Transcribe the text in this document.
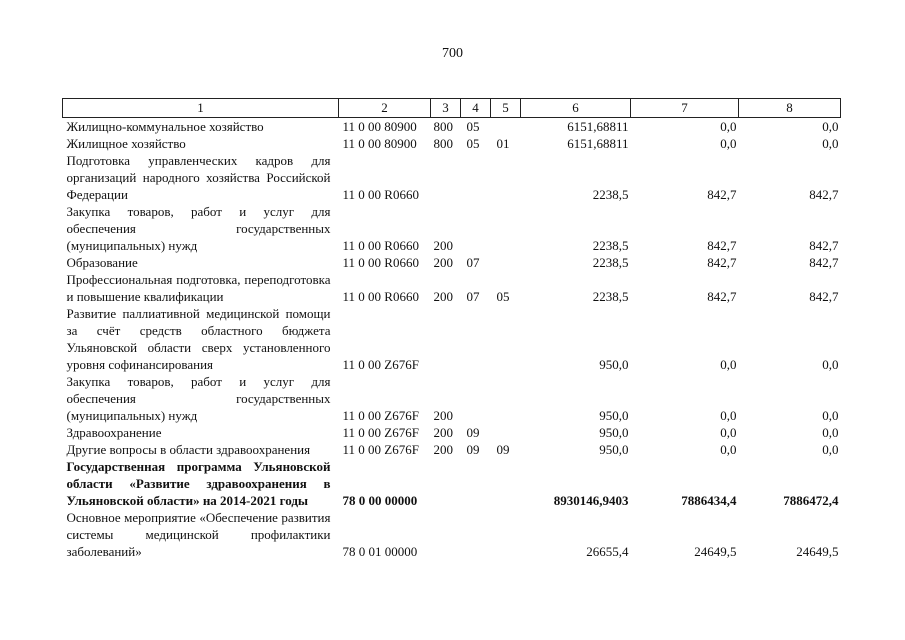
700
1	2	3	4	5	6	7	8
Жилищно-коммунальное хозяйство	11 0 00 80900	800	05		6151,68811	0,0	0,0
Жилищное хозяйство	11 0 00 80900	800	05	01	6151,68811	0,0	0,0
Подготовка управленческих кадров для организаций народного хозяйства Российской Федерации	11 0 00 R0660				2238,5	842,7	842,7
Закупка товаров, работ и услуг для обеспечения государственных (муниципальных) нужд	11 0 00 R0660	200			2238,5	842,7	842,7
Образование	11 0 00 R0660	200	07		2238,5	842,7	842,7
Профессиональная подготовка, переподготовка и повышение квалификации	11 0 00 R0660	200	07	05	2238,5	842,7	842,7
Развитие паллиативной медицинской помощи за счёт средств областного бюджета Ульяновской области сверх установленного уровня софинансирования	11 0 00 Z676F				950,0	0,0	0,0
Закупка товаров, работ и услуг для обеспечения государственных (муниципальных) нужд	11 0 00 Z676F	200			950,0	0,0	0,0
Здравоохранение	11 0 00 Z676F	200	09		950,0	0,0	0,0
Другие вопросы в области здравоохранения	11 0 00 Z676F	200	09	09	950,0	0,0	0,0
Государственная программа Ульяновской области «Развитие здравоохранения в Ульяновской области» на 2014-2021 годы	78 0 00 00000				8930146,9403	7886434,4	7886472,4
Основное мероприятие «Обеспечение развития системы медицинской профилактики заболеваний»	78 0 01 00000				26655,4	24649,5	24649,5
